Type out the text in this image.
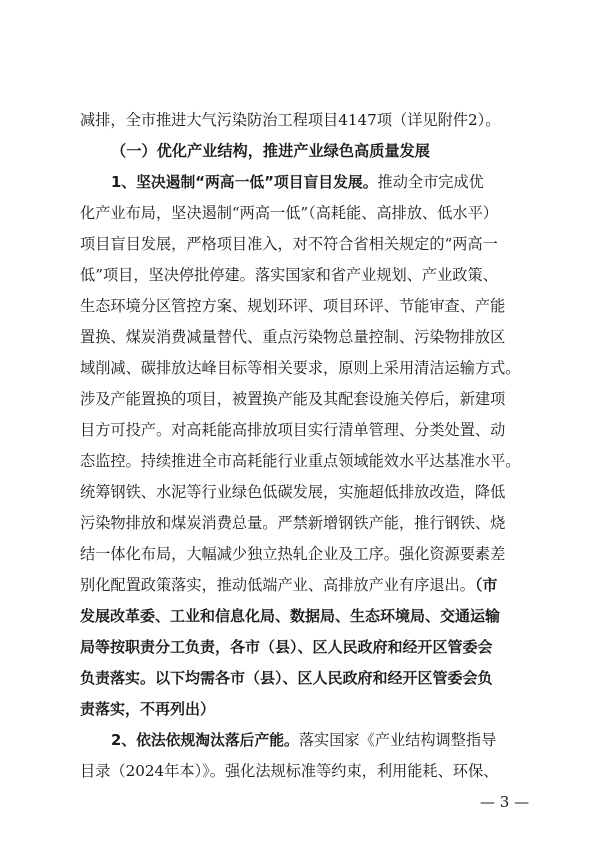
减排，全市推进大气污染防治工程项目4147项（详见附件2）。
（一）优化产业结构，推进产业绿色高质量发展
1、坚决遏制“两高一低”项目盲目发展。推动全市完成优
化产业布局，坚决遏制“两高一低”（高耗能、高排放、低水平）
项目盲目发展，严格项目准入，对不符合省相关规定的“两高一
低”项目，坚决停批停建。落实国家和省产业规划、产业政策、
生态环境分区管控方案、规划环评、项目环评、节能审查、产能
置换、煤炭消费减量替代、重点污染物总量控制、污染物排放区
域削减、碳排放达峰目标等相关要求，原则上采用清洁运输方式。
涉及产能置换的项目，被置换产能及其配套设施关停后，新建项
目方可投产。对高耗能高排放项目实行清单管理、分类处置、动
态监控。持续推进全市高耗能行业重点领域能效水平达基准水平。
统筹钢铁、水泥等行业绿色低碳发展，实施超低排放改造，降低
污染物排放和煤炭消费总量。严禁新增钢铁产能，推行钢铁、烧
结一体化布局，大幅减少独立热轧企业及工序。强化资源要素差
别化配置政策落实，推动低端产业、高排放产业有序退出。（市
发展改革委、工业和信息化局、数据局、生态环境局、交通运输
局等按职责分工负责，各市（县）、区人民政府和经开区管委会
负责落实。以下均需各市（县）、区人民政府和经开区管委会负
责落实，不再列出）
2、依法依规淘汰落后产能。落实国家《产业结构调整指导
目录（2024年本）》。强化法规标准等约束，利用能耗、环保、
— 3 —
